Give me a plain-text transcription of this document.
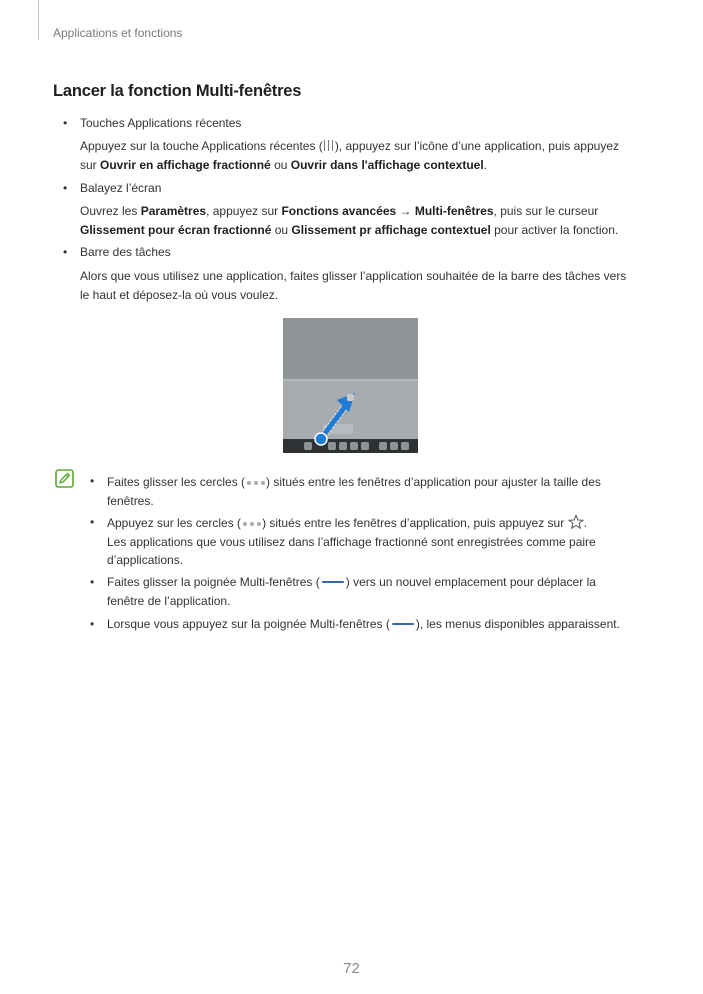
Applications et fonctions
Lancer la fonction Multi-fenêtres
• Touches Applications récentes
Appuyez sur la touche Applications récentes ( ), appuyez sur l’icône d’une application, puis appuyez
sur Ouvrir en affichage fractionné ou Ouvrir dans l'affichage contextuel.
• Balayez l’écran
Ouvrez les Paramètres, appuyez sur Fonctions avancées → Multi-fenêtres, puis sur le curseur
Glissement pour écran fractionné ou Glissement pr affichage contextuel pour activer la fonction.
• Barre des tâches
Alors que vous utilisez une application, faites glisser l’application souhaitée de la barre des tâches vers
le haut et déposez-la où vous voulez.
•	Faites glisser les cercles ( ) situés entre les fenêtres d’application pour ajuster la taille des
fenêtres.
•	Appuyez sur les cercles ( ) situés entre les fenêtres d’application, puis appuyez sur .
Les applications que vous utilisez dans l’affichage fractionné sont enregistrées comme paire
d’applications.
•	Faites glisser la poignée Multi-fenêtres ( ) vers un nouvel emplacement pour déplacer la
fenêtre de l’application.
•	Lorsque vous appuyez sur la poignée Multi-fenêtres ( ), les menus disponibles apparaissent.
72
